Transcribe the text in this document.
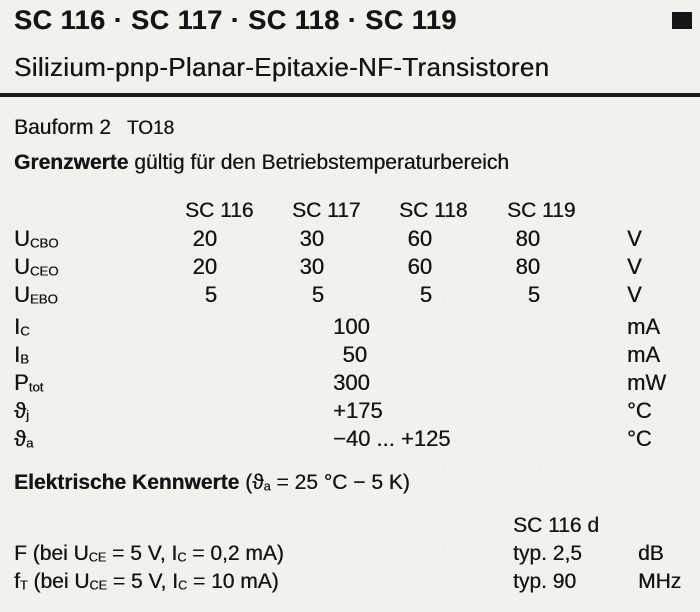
SC 116 · SC 117 · SC 118 · SC 119
Silizium-pnp-Planar-Epitaxie-NF-Transistoren
Bauform 2 TO18
Grenzwerte gültig für den Betriebstemperaturbereich
SC 116	SC 117	SC 118	SC 119
UCBO	20	30	60	80	V
UCEO	20	30	60	80	V
UEBO	5	5	5	5	V
IC	100	mA
IB	50	mA
Ptot	300	mW
ϑj	+175	°C
ϑa	−40 ... +125	°C
Elektrische Kennwerte (ϑa = 25 °C − 5 K)
SC 116 d
F (bei UCE = 5 V, IC = 0,2 mA)	typ. 2,5	dB
fT (bei UCE = 5 V, IC = 10 mA)	typ. 90	MHz
